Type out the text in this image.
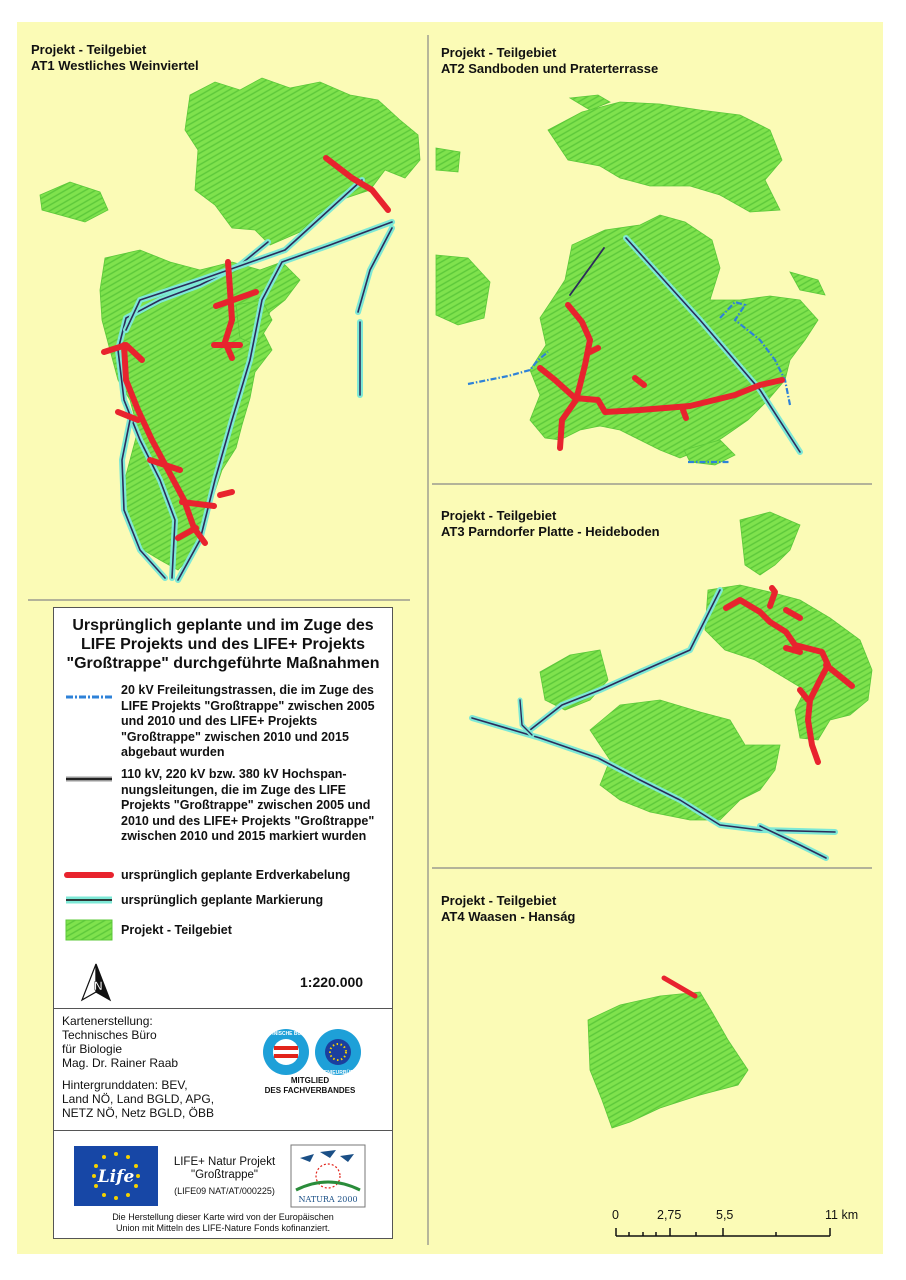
Projekt - Teilgebiet
AT1 Westliches Weinviertel
Projekt - Teilgebiet
AT2 Sandboden und Praterterrasse
Projekt - Teilgebiet
AT3 Parndorfer Platte - Heideboden
Projekt - Teilgebiet
AT4 Waasen - Hanság
Ursprünglich geplante und im Zuge des LIFE Projekts und des LIFE+ Projekts "Großtrappe" durchgeführte Maßnahmen
20 kV Freileitungstrassen, die im Zuge des LIFE Projekts "Großtrappe" zwischen 2005 und 2010 und des LIFE+ Projekts "Großtrappe" zwischen 2010 und 2015 abgebaut wurden
110 kV, 220 kV bzw. 380 kV Hochspan-nungsleitungen, die im Zuge des LIFE Projekts "Großtrappe" zwischen 2005 und 2010 und des LIFE+ Projekts "Großtrappe" zwischen 2010 und 2015 markiert wurden
ursprünglich geplante Erdverkabelung
ursprünglich geplante Markierung
Projekt - Teilgebiet
N	1:220.000
Kartenerstellung:
Technisches Büro
für Biologie
Mag. Dr. Rainer Raab
Hintergrunddaten: BEV,
Land NÖ, Land BGLD, APG,
NETZ NÖ, Netz BGLD, ÖBB
TECHNISCHE BÜROS
INGENIEURBÜROS
MITGLIED
DES FACHVERBANDES
Life
LIFE+ Natur Projekt
"Großtrappe"
(LIFE09 NAT/AT/000225)
NATURA 2000
Die Herstellung dieser Karte wird von der Europäischen
Union mit Mitteln des LIFE-Nature Fonds kofinanziert.
0	2,75	5,5	11 km
